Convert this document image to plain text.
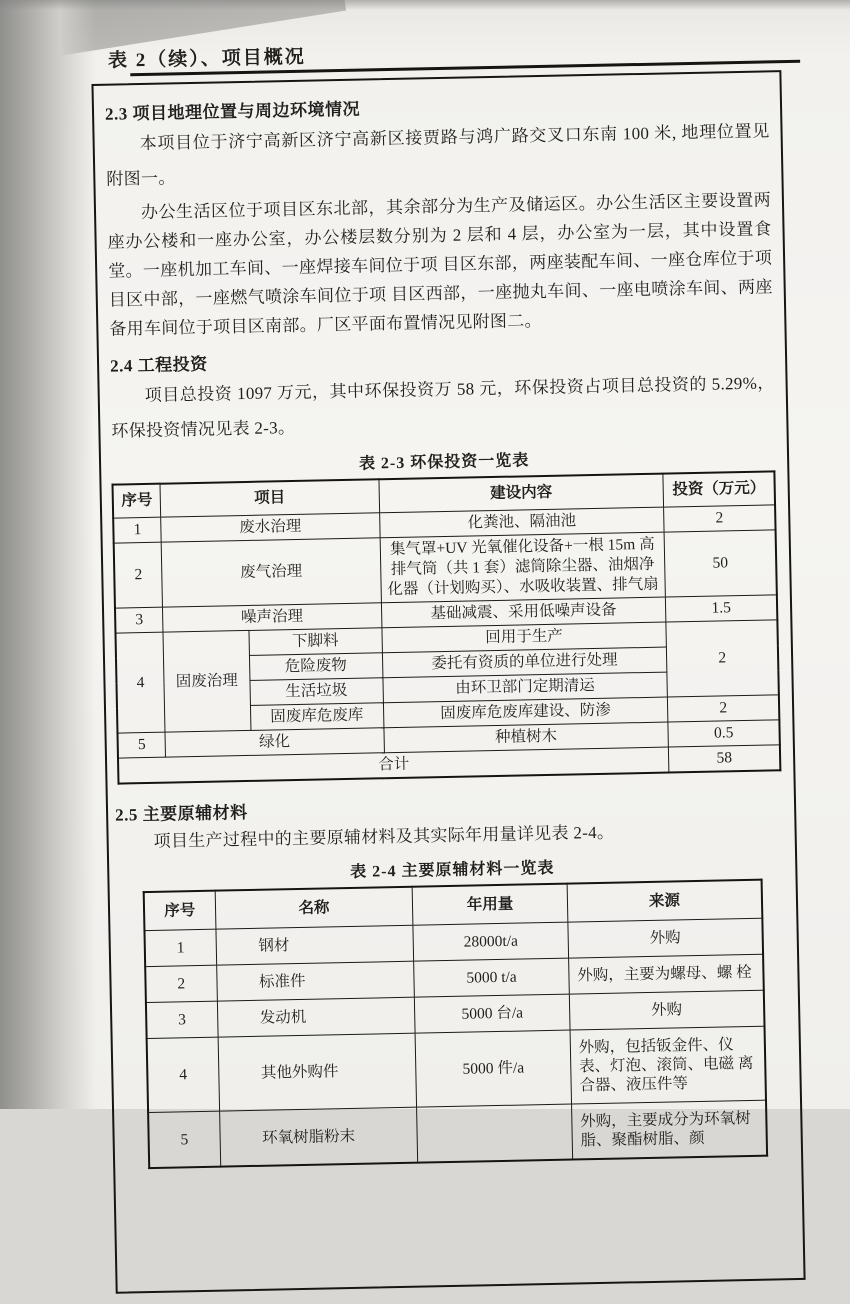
表 2（续）、项目概况
2.3 项目地理位置与周边环境情况

本项目位于济宁高新区济宁高新区接贾路与鸿广路交叉口东南 100 米, 地理位置见附图一。

办公生活区位于项目区东北部，其余部分为生产及储运区。办公生活区主要设置两座办公楼和一座办公室，办公楼层数分别为 2 层和 4 层，办公室为一层，其中设置食堂。一座机加工车间、一座焊接车间位于项 目区东部，两座装配车间、一座仓库位于项目区中部，一座燃气喷涂车间位于项 目区西部，一座抛丸车间、一座电喷涂车间、两座备用车间位于项目区南部。厂区平面布置情况见附图二。

2.4 工程投资

项目总投资 1097 万元，其中环保投资万 58 元，环保投资占项目总投资的 5.29%，环保投资情况见表 2-3。

表 2-3 环保投资一览表
序号	项目		建设内容	投资（万元）
1	废水治理		化粪池、隔油池	2
2	废气治理		集气罩+UV 光氧催化设备+一根 15m 高排气筒（共 1 套）滤筒除尘器、油烟净化器（计划购买）、水吸收装置、排气扇	50
3	噪声治理		基础减震、采用低噪声设备	1.5
4	固废治理	下脚料	回用于生产	2
		危险废物	委托有资质的单位进行处理	
		生活垃圾	由环卫部门定期清运	
		固废库危废库	固废库危废库建设、防渗	2
5	绿化		种植树木	0.5
合计				58
2.5 主要原辅材料

项目生产过程中的主要原辅材料及其实际年用量详见表 2-4。

表 2-4 主要原辅材料一览表
序号	名称	年用量	来源
1	钢材	28000t/a	外购
2	标准件	5000 t/a	外购，主要为螺母、螺 栓
3	发动机	5000 台/a	外购
4	其他外购件	5000 件/a	外购，包括钣金件、仪表、灯泡、滚筒、电磁 离合器、液压件等
5	环氧树脂粉末		外购，主要成分为环氧树脂、聚酯树脂、颜
